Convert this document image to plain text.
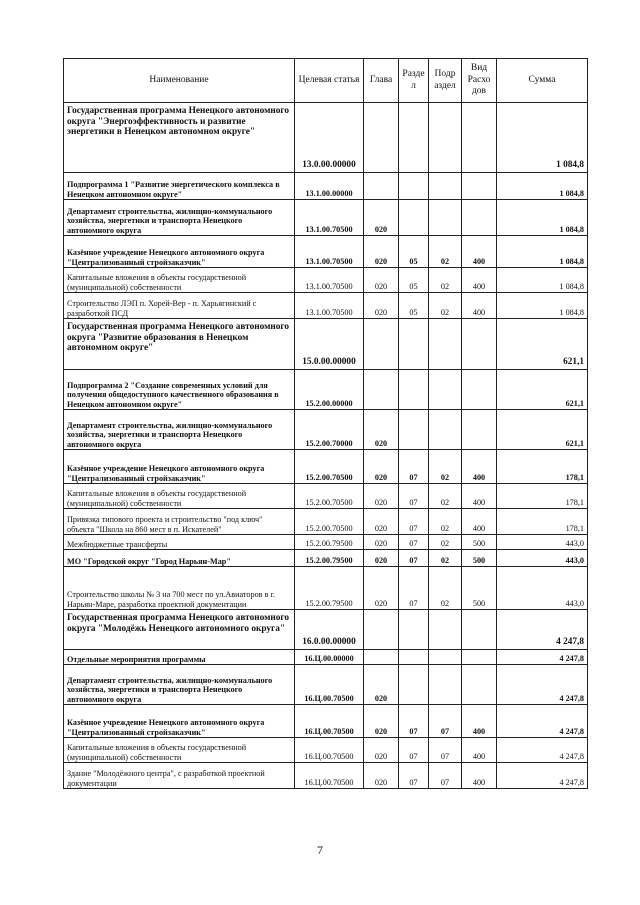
Наименование	Целевая статья	Глава	Разде л	Подр аздел	Вид Расхо дов	Сумма
Государственная программа Ненецкого автономного округа "Энергоэффективность и развитие энергетики в Ненецком автономном округе"	13.0.00.00000					1 084,8
Подпрограмма 1 "Развитие энергетического комплекса в Ненецком автономном округе"	13.1.00.00000					1 084,8
Департамент строительства, жилищно-коммунального хозяйства, энергетики и транспорта Ненецкого автономного округа	13.1.00.70500	020				1 084,8
Казённое учреждение Ненецкого автономного округа "Централизованный стройзаказчик"	13.1.00.70500	020	05	02	400	1 084,8
Капитальные вложения в объекты государственной (муниципальной) собственности	13.1.00.70500	020	05	02	400	1 084,8
Строительство ЛЭП п. Хорей-Вер - п. Харьягинский с разработкой ПСД	13.1.00.70500	020	05	02	400	1 084,8
Государственная программа Ненецкого автономного округа "Развитие образования в Ненецком автономном округе"	15.0.00.00000					621,1
Подпрограмма 2 "Создание современных условий для получения общедоступного качественного образования в Ненецком автономном округе"	15.2.00.00000					621,1
Департамент строительства, жилищно-коммунального хозяйства, энергетики и транспорта Ненецкого автономного округа	15.2.00.70000	020				621,1
Казённое учреждение Ненецкого автономного округа "Централизованный стройзаказчик"	15.2.00.70500	020	07	02	400	178,1
Капитальные вложения в объекты государственной (муниципальной) собственности	15.2.00.70500	020	07	02	400	178,1
Привязка типового проекта и строительство "под ключ" объекта "Школа на 860 мест в п. Искателей"	15.2.00.70500	020	07	02	400	178,1
Межбюджетные трансферты	15.2.00.79500	020	07	02	500	443,0
МО "Городской округ "Город Нарьян-Мар"	15.2.00.79500	020	07	02	500	443,0
Строительство школы № 3 на 700 мест по ул.Авиаторов в г. Нарьян-Маре, разработка проектной документации	15.2.00.79500	020	07	02	500	443,0
Государственная программа Ненецкого автономного округа "Молодёжь Ненецкого автономного округа"	16.0.00.00000					4 247,8
Отдельные мероприятия программы	16.Ц.00.00000					4 247,8
Департамент строительства, жилищно-коммунального хозяйства, энергетики и транспорта Ненецкого автономного округа	16.Ц.00.70500	020				4 247,8
Казённое учреждение Ненецкого автономного округа "Централизованный стройзаказчик"	16.Ц.00.70500	020	07	07	400	4 247,8
Капитальные вложения в объекты государственной (муниципальной) собственности	16.Ц.00.70500	020	07	07	400	4 247,8
Здание "Молодёжного центра", с разработкой проектной документации	16.Ц.00.70500	020	07	07	400	4 247,8
7
